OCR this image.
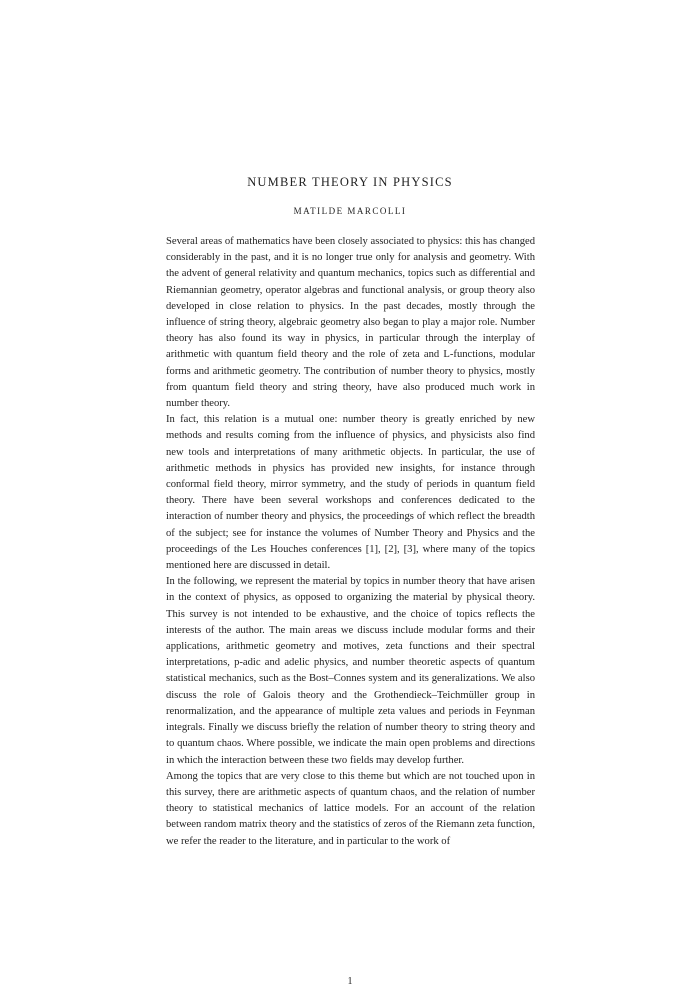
NUMBER THEORY IN PHYSICS
MATILDE MARCOLLI

Several areas of mathematics have been closely associated to physics: this has changed considerably in the past, and it is no longer true only for analysis and geometry. With the advent of general relativity and quantum mechanics, topics such as differential and Riemannian geometry, operator algebras and functional analysis, or group theory also developed in close relation to physics. In the past decades, mostly through the influence of string theory, algebraic geometry also began to play a major role. Number theory has also found its way in physics, in particular through the interplay of arithmetic with quantum field theory and the role of zeta and L-functions, modular forms and arithmetic geometry. The contribution of number theory to physics, mostly from quantum field theory and string theory, have also produced much work in number theory.

In fact, this relation is a mutual one: number theory is greatly enriched by new methods and results coming from the influence of physics, and physicists also find new tools and interpretations of many arithmetic objects. In particular, the use of arithmetic methods in physics has provided new insights, for instance through conformal field theory, mirror symmetry, and the study of periods in quantum field theory. There have been several workshops and conferences dedicated to the interaction of number theory and physics, the proceedings of which reflect the breadth of the subject; see for instance the volumes of Number Theory and Physics and the proceedings of the Les Houches conferences [1], [2], [3], where many of the topics mentioned here are discussed in detail.

In the following, we represent the material by topics in number theory that have arisen in the context of physics, as opposed to organizing the material by physical theory. This survey is not intended to be exhaustive, and the choice of topics reflects the interests of the author. The main areas we discuss include modular forms and their applications, arithmetic geometry and motives, zeta functions and their spectral interpretations, p-adic and adelic physics, and number theoretic aspects of quantum statistical mechanics, such as the Bost–Connes system and its generalizations. We also discuss the role of Galois theory and the Grothendieck–Teichmüller group in renormalization, and the appearance of multiple zeta values and periods in Feynman integrals. Finally we discuss briefly the relation of number theory to string theory and to quantum chaos. Where possible, we indicate the main open problems and directions in which the interaction between these two fields may develop further.

Among the topics that are very close to this theme but which are not touched upon in this survey, there are arithmetic aspects of quantum chaos, and the relation of number theory to statistical mechanics of lattice models. For an account of the relation between random matrix theory and the statistics of zeros of the Riemann zeta function, we refer the reader to the literature, and in particular to the work of

1
